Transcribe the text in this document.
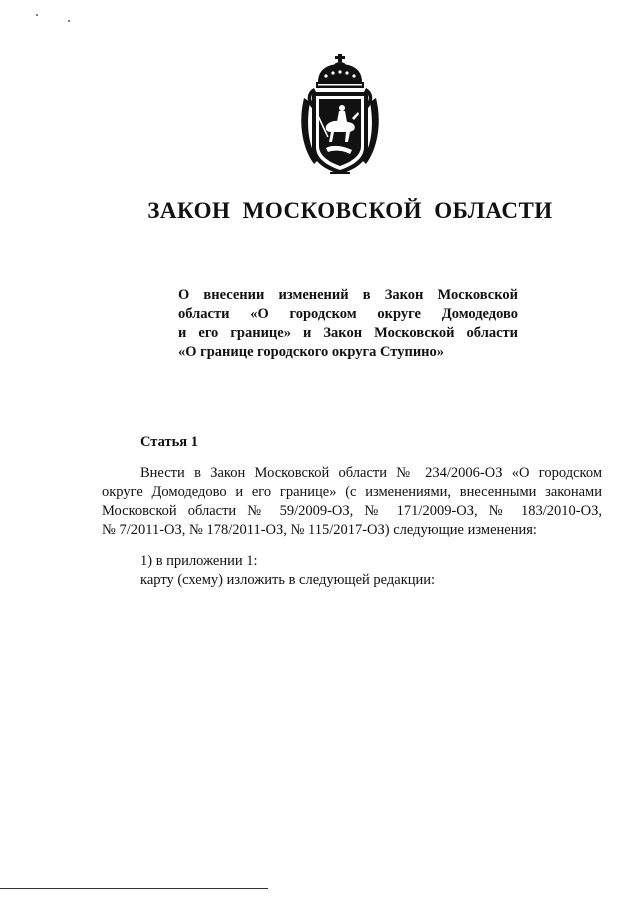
ЗАКОН МОСКОВСКОЙ ОБЛАСТИ
О внесении изменений в Закон Московской
области «О городском округе Домодедово
и его границе» и Закон Московской области
«О границе городского округа Ступино»
Статья 1
Внести в Закон Московской области № 234/2006-ОЗ «О городском
округе Домодедово и его границе» (с изменениями, внесенными законами
Московской области № 59/2009-ОЗ, № 171/2009-ОЗ, № 183/2010-ОЗ,
№ 7/2011-ОЗ, № 178/2011-ОЗ, № 115/2017-ОЗ) следующие изменения:
1) в приложении 1:
карту (схему) изложить в следующей редакции:
